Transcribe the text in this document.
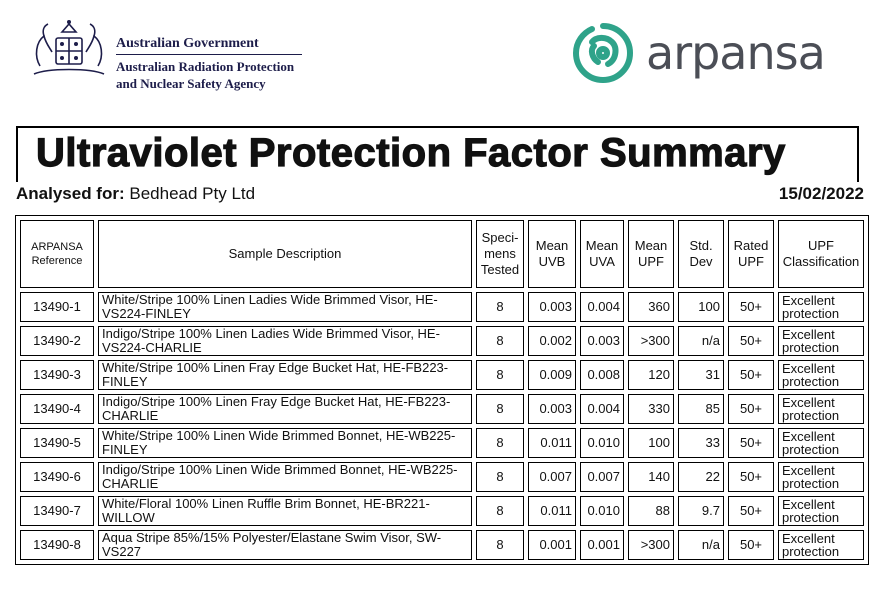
Australian Government
Australian Radiation Protection
and Nuclear Safety Agency
arpansa
Ultraviolet Protection Factor Summary
Analysed for: Bedhead Pty Ltd	15/02/2022
ARPANSA Reference	Sample Description	Speci-mens Tested	Mean UVB	Mean UVA	Mean UPF	Std. Dev	Rated UPF	UPF Classification
13490-1	White/Stripe 100% Linen Ladies Wide Brimmed Visor, HE-VS224-FINLEY	8	0.003	0.004	360	100	50+	Excellent protection
13490-2	Indigo/Stripe 100% Linen Ladies Wide Brimmed Visor, HE-VS224-CHARLIE	8	0.002	0.003	>300	n/a	50+	Excellent protection
13490-3	White/Stripe 100% Linen Fray Edge Bucket Hat, HE-FB223-FINLEY	8	0.009	0.008	120	31	50+	Excellent protection
13490-4	Indigo/Stripe 100% Linen Fray Edge Bucket Hat, HE-FB223-CHARLIE	8	0.003	0.004	330	85	50+	Excellent protection
13490-5	White/Stripe 100% Linen Wide Brimmed Bonnet, HE-WB225-FINLEY	8	0.011	0.010	100	33	50+	Excellent protection
13490-6	Indigo/Stripe 100% Linen Wide Brimmed Bonnet, HE-WB225-CHARLIE	8	0.007	0.007	140	22	50+	Excellent protection
13490-7	White/Floral 100% Linen Ruffle Brim Bonnet, HE-BR221-WILLOW	8	0.011	0.010	88	9.7	50+	Excellent protection
13490-8	Aqua Stripe 85%/15% Polyester/Elastane Swim Visor, SW-VS227	8	0.001	0.001	>300	n/a	50+	Excellent protection
